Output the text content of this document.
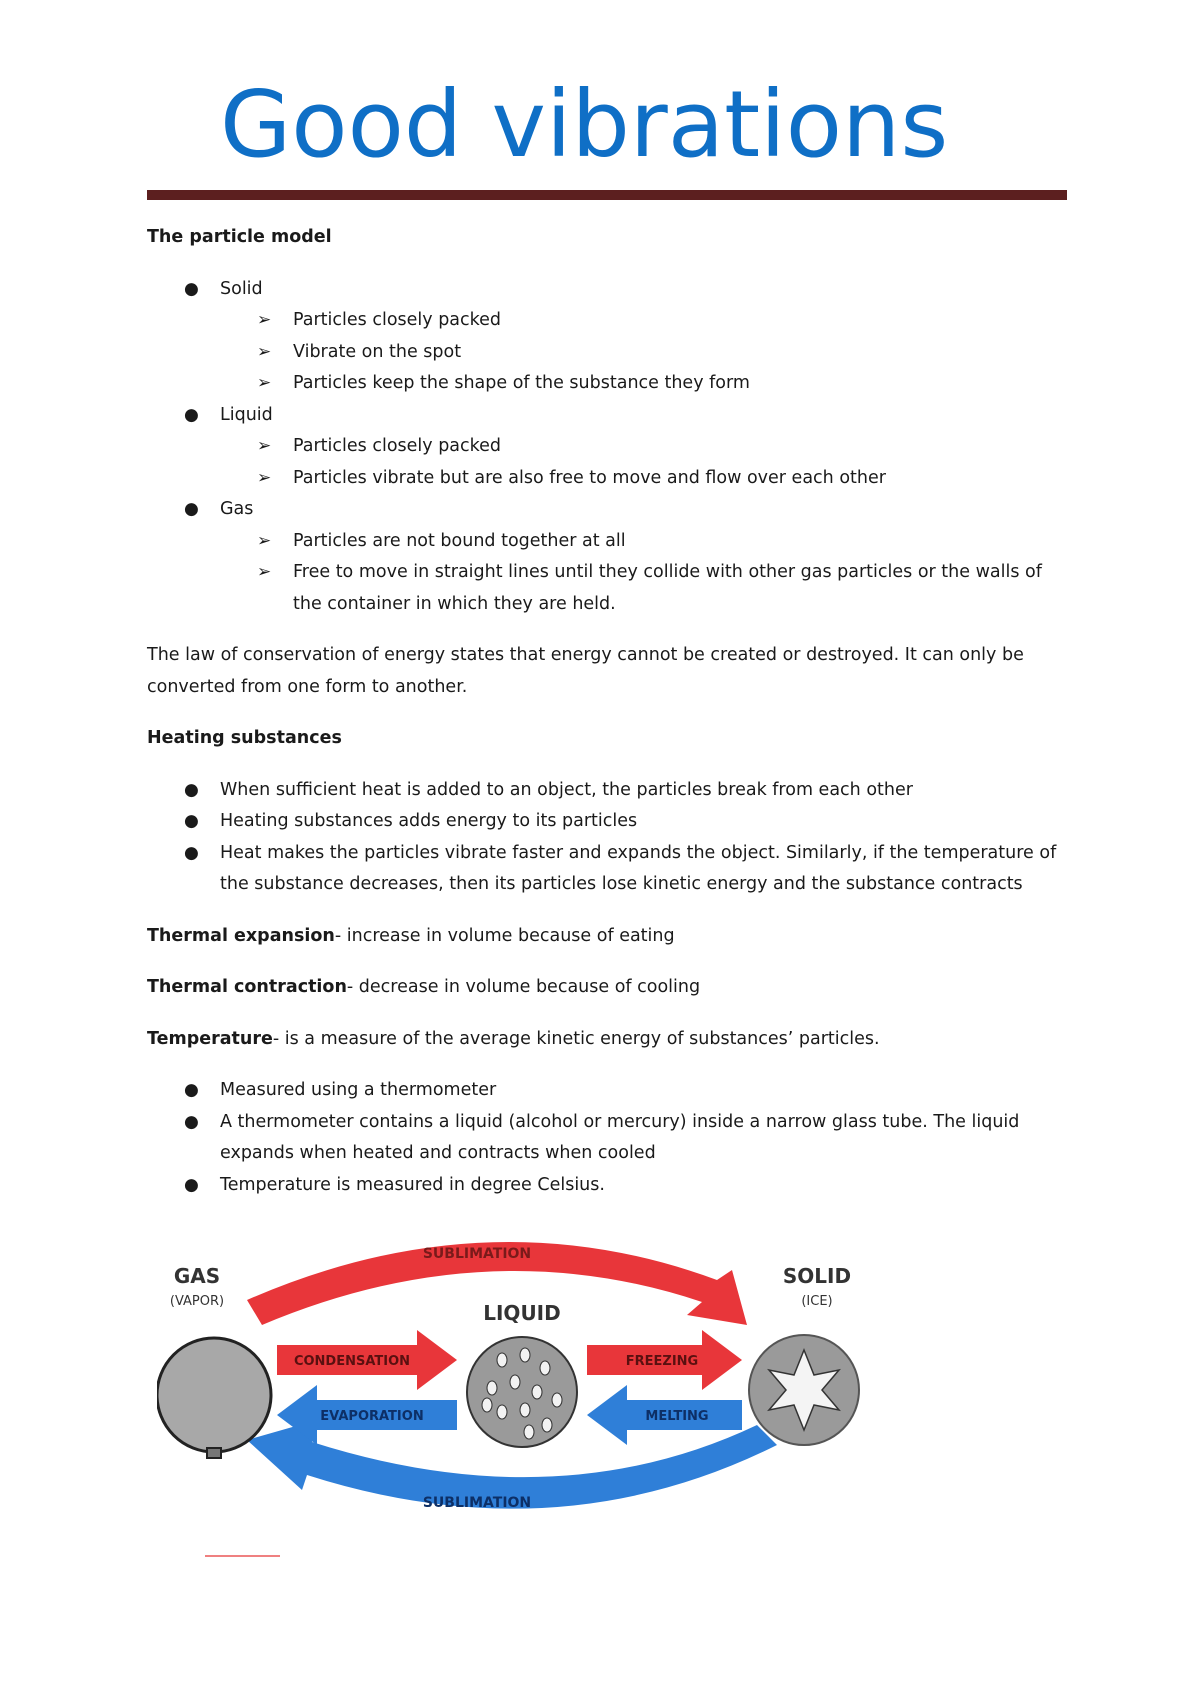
Good vibrations

The particle model

● Solid
➢ Particles closely packed
➢ Vibrate on the spot
➢ Particles keep the shape of the substance they form
● Liquid
➢ Particles closely packed
➢ Particles vibrate but are also free to move and flow over each other
● Gas
➢ Particles are not bound together at all
➢ Free to move in straight lines until they collide with other gas particles or the walls of the container in which they are held.

The law of conservation of energy states that energy cannot be created or destroyed. It can only be converted from one form to another.

Heating substances

● When sufficient heat is added to an object, the particles break from each other
● Heating substances adds energy to its particles
● Heat makes the particles vibrate faster and expands the object. Similarly, if the temperature of the substance decreases, then its particles lose kinetic energy and the substance contracts

Thermal expansion- increase in volume because of eating

Thermal contraction- decrease in volume because of cooling

Temperature- is a measure of the average kinetic energy of substances’ particles.

● Measured using a thermometer
● A thermometer contains a liquid (alcohol or mercury) inside a narrow glass tube. The liquid expands when heated and contracts when cooled
● Temperature is measured in degree Celsius.
SUBLIMATION
SUBLIMATION
GAS
(VAPOR)	LIQUID
SOLID
(ICE)
CONDENSATION
EVAPORATION
FREEZING
MELTING
